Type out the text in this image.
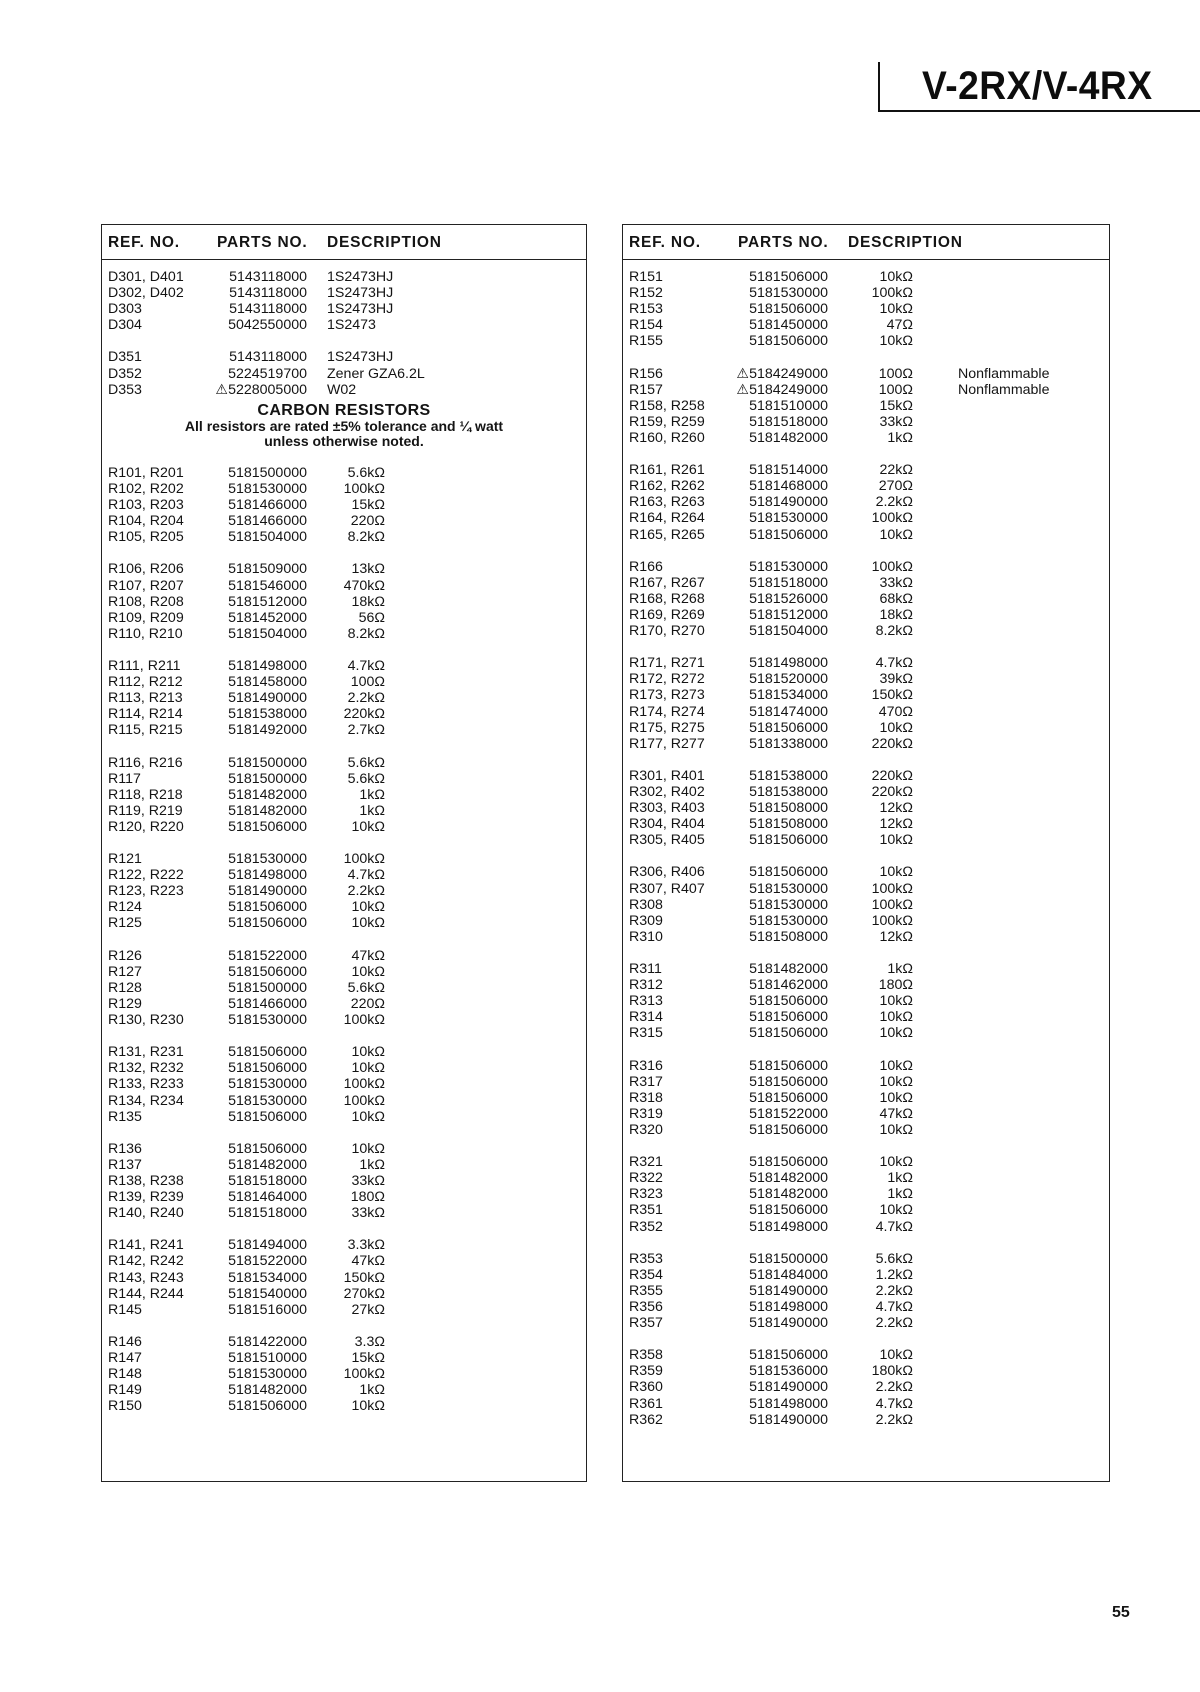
V-2RX/V-4RX
REF. NO. PARTS NO. DESCRIPTION
D301, D401	5143118000 1S2473HJ
D302, D402	5143118000 1S2473HJ
D303	5143118000 1S2473HJ
D304	5042550000 1S2473
D351	5143118000 1S2473HJ
D352	5224519700 Zener GZA6.2L
D353	⚠5228005000 W02
CARBON RESISTORS
All resistors are rated ±5% tolerance and ¼ watt
unless otherwise noted.
R101, R201	5181500000	5.6kΩ
R102, R202	5181530000	100kΩ
R103, R203	5181466000	15kΩ
R104, R204	5181466000	220Ω
R105, R205	5181504000	8.2kΩ
R106, R206	5181509000	13kΩ
R107, R207	5181546000	470kΩ
R108, R208	5181512000	18kΩ
R109, R209	5181452000	56Ω
R110, R210	5181504000	8.2kΩ
R111, R211	5181498000	4.7kΩ
R112, R212	5181458000	100Ω
R113, R213	5181490000	2.2kΩ
R114, R214	5181538000	220kΩ
R115, R215	5181492000	2.7kΩ
R116, R216	5181500000	5.6kΩ
R117	5181500000	5.6kΩ
R118, R218	5181482000	1kΩ
R119, R219	5181482000	1kΩ
R120, R220	5181506000	10kΩ
R121	5181530000	100kΩ
R122, R222	5181498000	4.7kΩ
R123, R223	5181490000	2.2kΩ
R124	5181506000	10kΩ
R125	5181506000	10kΩ
R126	5181522000	47kΩ
R127	5181506000	10kΩ
R128	5181500000	5.6kΩ
R129	5181466000	220Ω
R130, R230	5181530000	100kΩ
R131, R231	5181506000	10kΩ
R132, R232	5181506000	10kΩ
R133, R233	5181530000	100kΩ
R134, R234	5181530000	100kΩ
R135	5181506000	10kΩ
R136	5181506000	10kΩ
R137	5181482000	1kΩ
R138, R238	5181518000	33kΩ
R139, R239	5181464000	180Ω
R140, R240	5181518000	33kΩ
R141, R241	5181494000	3.3kΩ
R142, R242	5181522000	47kΩ
R143, R243	5181534000	150kΩ
R144, R244	5181540000	270kΩ
R145	5181516000	27kΩ
R146	5181422000	3.3Ω
R147	5181510000	15kΩ
R148	5181530000	100kΩ
R149	5181482000	1kΩ
R150	5181506000	10kΩ
REF. NO. PARTS NO. DESCRIPTION
R151	5181506000	10kΩ
R152	5181530000	100kΩ
R153	5181506000	10kΩ
R154	5181450000	47Ω
R155	5181506000	10kΩ
R156	⚠5184249000	100Ω	Nonflammable
R157	⚠5184249000	100Ω	Nonflammable
R158, R258	5181510000	15kΩ
R159, R259	5181518000	33kΩ
R160, R260	5181482000	1kΩ
R161, R261	5181514000	22kΩ
R162, R262	5181468000	270Ω
R163, R263	5181490000	2.2kΩ
R164, R264	5181530000	100kΩ
R165, R265	5181506000	10kΩ
R166	5181530000	100kΩ
R167, R267	5181518000	33kΩ
R168, R268	5181526000	68kΩ
R169, R269	5181512000	18kΩ
R170, R270	5181504000	8.2kΩ
R171, R271	5181498000	4.7kΩ
R172, R272	5181520000	39kΩ
R173, R273	5181534000	150kΩ
R174, R274	5181474000	470Ω
R175, R275	5181506000	10kΩ
R177, R277	5181338000	220kΩ
R301, R401	5181538000	220kΩ
R302, R402	5181538000	220kΩ
R303, R403	5181508000	12kΩ
R304, R404	5181508000	12kΩ
R305, R405	5181506000	10kΩ
R306, R406	5181506000	10kΩ
R307, R407	5181530000	100kΩ
R308	5181530000	100kΩ
R309	5181530000	100kΩ
R310	5181508000	12kΩ
R311	5181482000	1kΩ
R312	5181462000	180Ω
R313	5181506000	10kΩ
R314	5181506000	10kΩ
R315	5181506000	10kΩ
R316	5181506000	10kΩ
R317	5181506000	10kΩ
R318	5181506000	10kΩ
R319	5181522000	47kΩ
R320	5181506000	10kΩ
R321	5181506000	10kΩ
R322	5181482000	1kΩ
R323	5181482000	1kΩ
R351	5181506000	10kΩ
R352	5181498000	4.7kΩ
R353	5181500000	5.6kΩ
R354	5181484000	1.2kΩ
R355	5181490000	2.2kΩ
R356	5181498000	4.7kΩ
R357	5181490000	2.2kΩ
R358	5181506000	10kΩ
R359	5181536000	180kΩ
R360	5181490000	2.2kΩ
R361	5181498000	4.7kΩ
R362	5181490000	2.2kΩ
55
